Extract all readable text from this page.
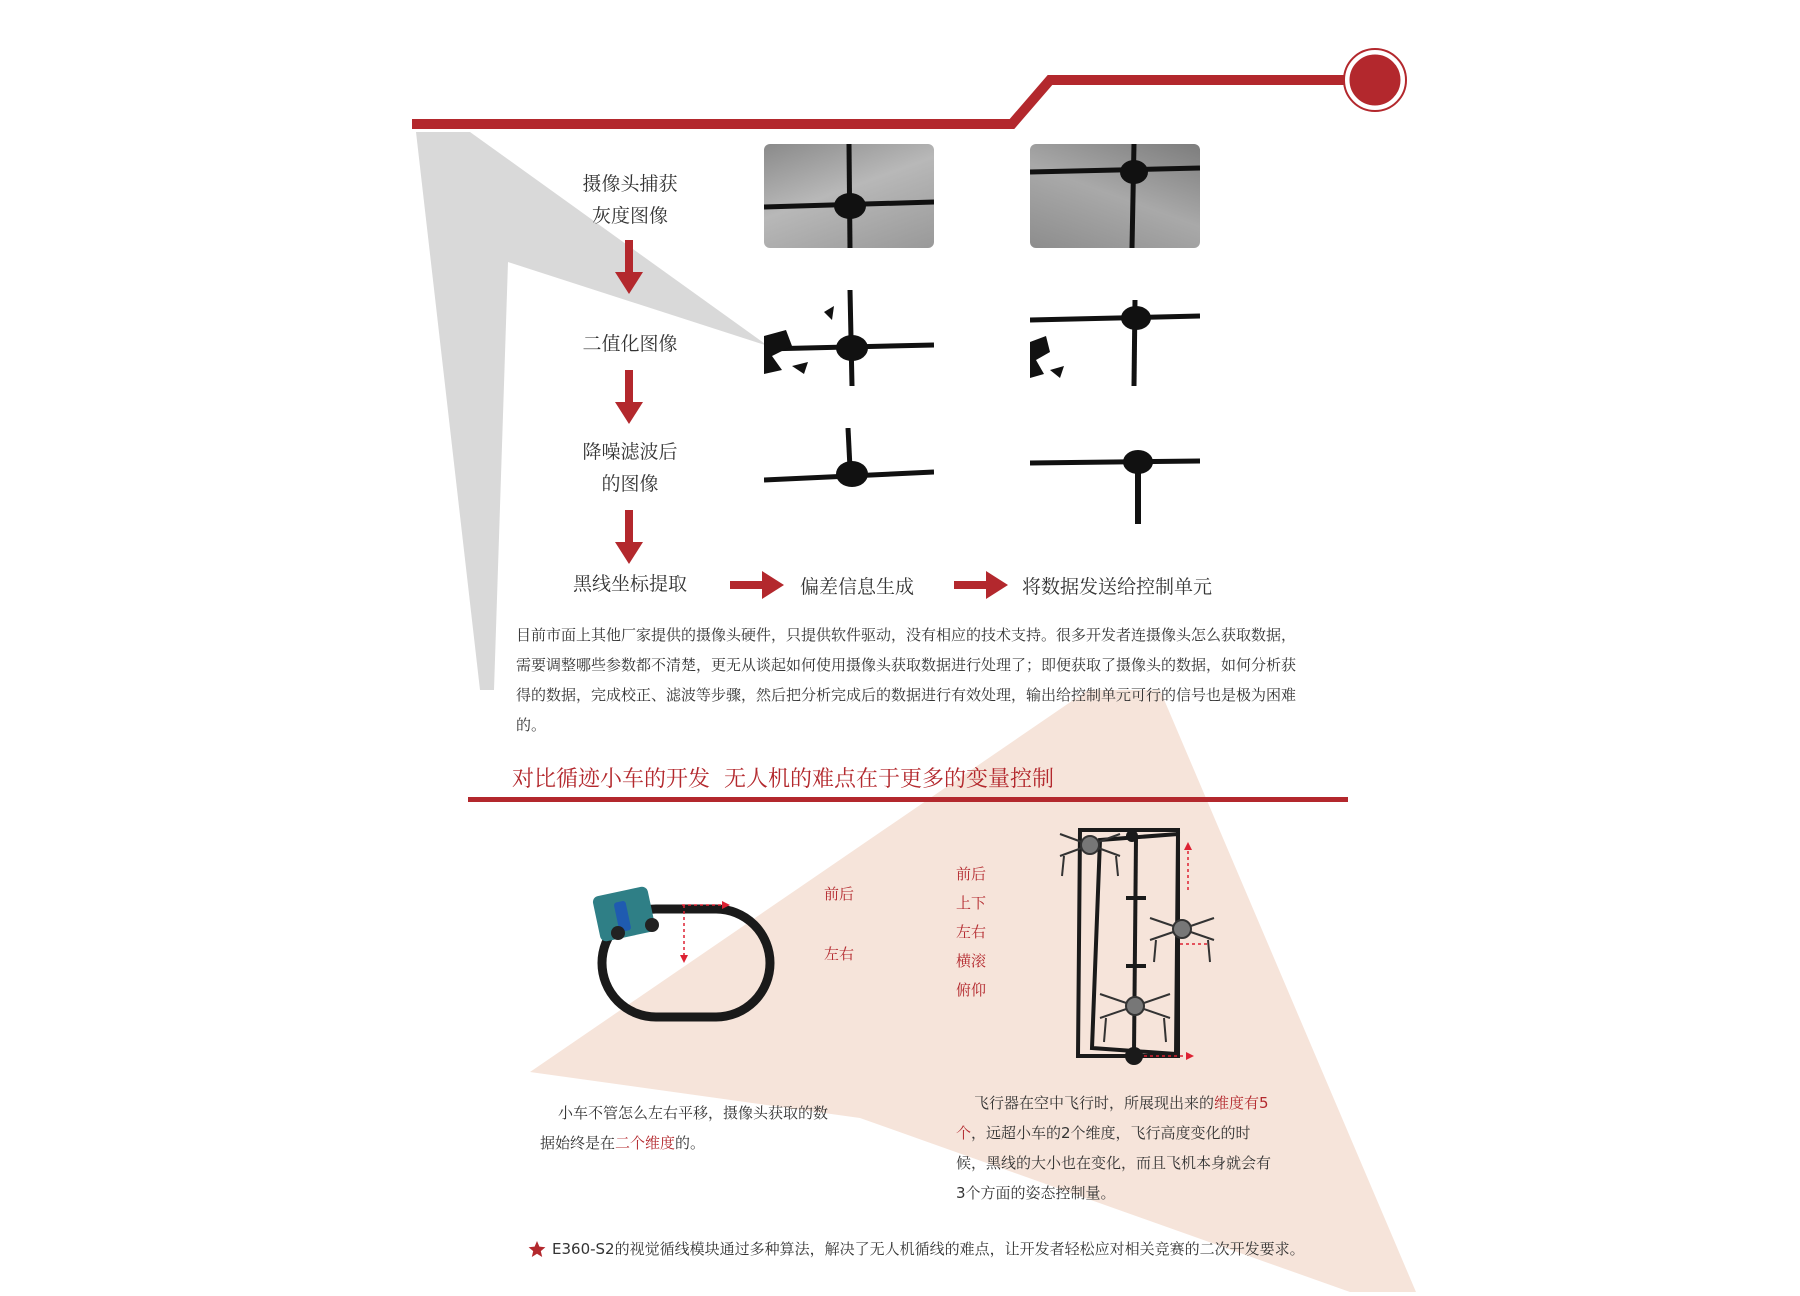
摄像头捕获
灰度图像
二值化图像
降噪滤波后
的图像
黑线坐标提取	偏差信息生成	将数据发送给控制单元
目前市面上其他厂家提供的摄像头硬件，只提供软件驱动，没有相应的技术支持。很多开发者连摄像头怎么获取数据，需要调整哪些参数都不清楚，更无从谈起如何使用摄像头获取数据进行处理了；即便获取了摄像头的数据，如何分析获得的数据，完成校正、滤波等步骤，然后把分析完成后的数据进行有效处理，输出给控制单元可行的信号也是极为困难的。
对比循迹小车的开发  无人机的难点在于更多的变量控制
前后
左右
前后
上下
左右
横滚
俯仰
小车不管怎么左右平移，摄像头获取的数据始终是在二个维度的。
飞行器在空中飞行时，所展现出来的维度有5个，远超小车的2个维度，飞行高度变化的时候，黑线的大小也在变化，而且飞机本身就会有3个方面的姿态控制量。
E360-S2的视觉循线模块通过多种算法，解决了无人机循线的难点，让开发者轻松应对相关竞赛的二次开发要求。
